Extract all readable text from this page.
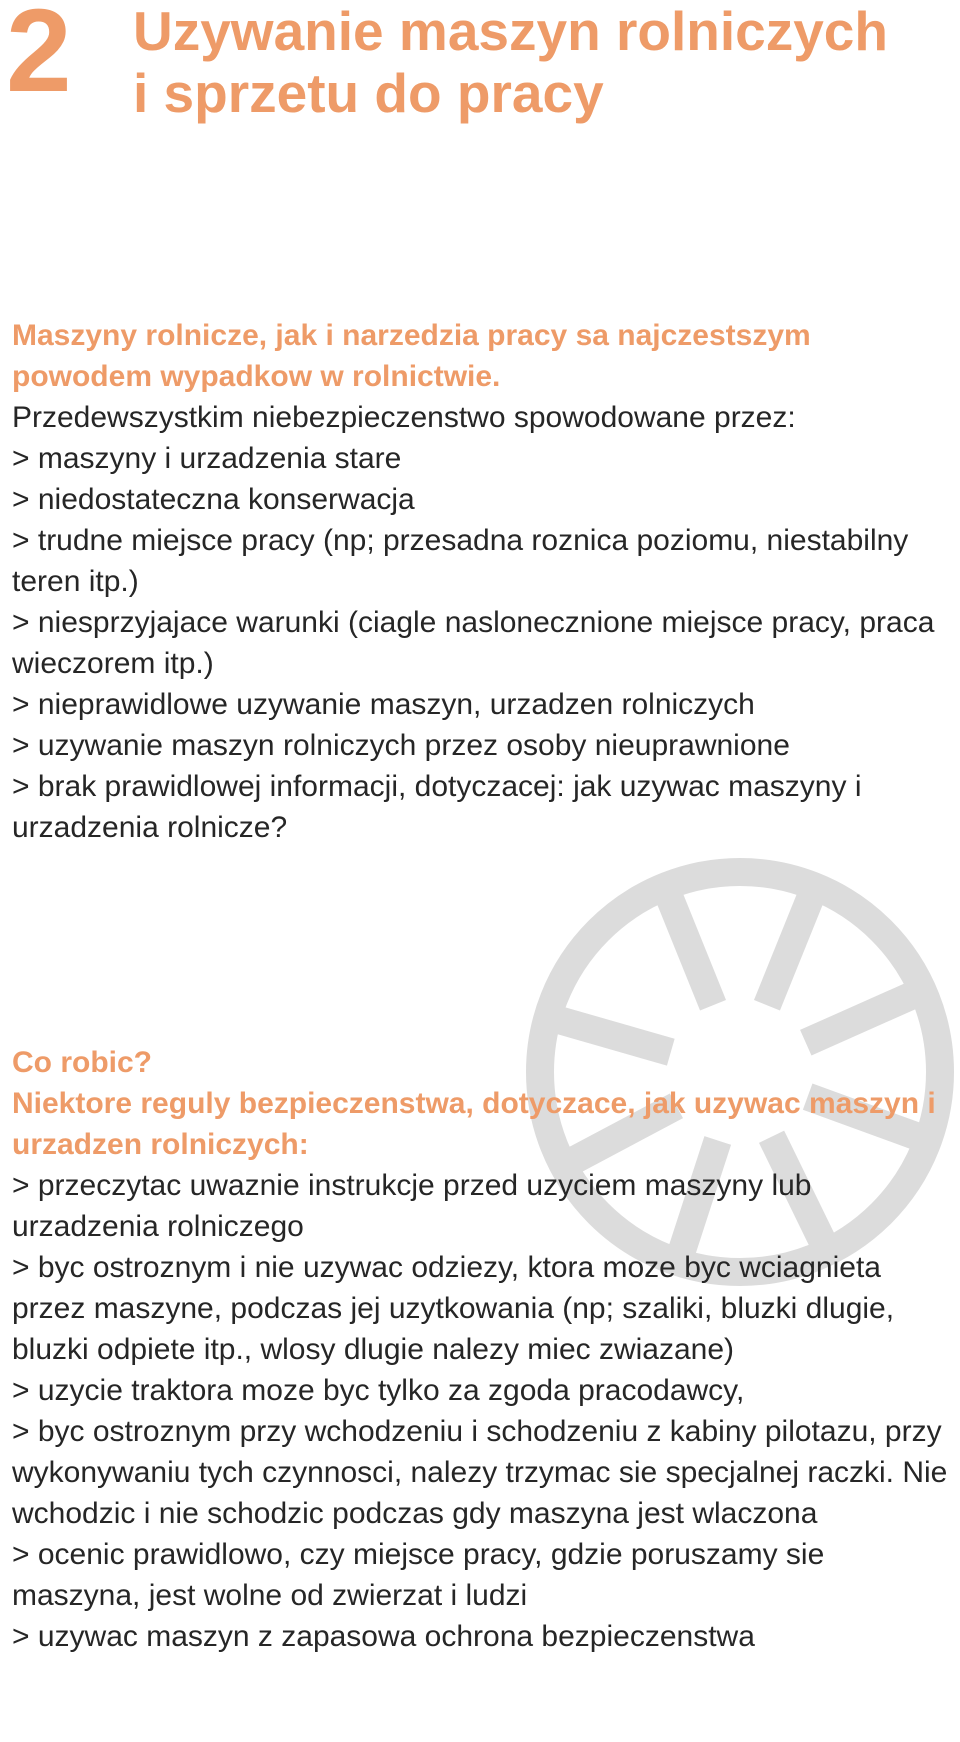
2 Uzywanie maszyn rolniczych i sprzetu do pracy
Maszyny rolnicze, jak i narzedzia pracy sa najczestszym powodem wypadkow w rolnictwie.
Przedewszystkim niebezpieczenstwo spowodowane przez:
> maszyny i urzadzenia stare
> niedostateczna konserwacja
> trudne miejsce pracy (np; przesadna roznica poziomu, niestabilny teren itp.)
> niesprzyjajace warunki (ciagle naslonecznione miejsce pracy, praca wieczorem itp.)
> nieprawidlowe uzywanie maszyn, urzadzen rolniczych
> uzywanie maszyn rolniczych przez osoby nieuprawnione
> brak prawidlowej informacji, dotyczacej: jak uzywac maszyny i urzadzenia rolnicze?
Co robic?
Niektore reguly bezpieczenstwa, dotyczace, jak uzywac maszyn i urzadzen rolniczych:
> przeczytac uwaznie instrukcje przed uzyciem maszyny lub urzadzenia rolniczego
> byc ostroznym i nie uzywac odziezy, ktora moze byc wciagnieta przez maszyne, podczas jej uzytkowania (np; szaliki, bluzki dlugie, bluzki odpiete itp., wlosy dlugie nalezy miec zwiazane)
> uzycie traktora moze byc tylko za zgoda pracodawcy,
> byc ostroznym przy wchodzeniu i schodzeniu z kabiny pilotazu, przy wykonywaniu tych czynnosci, nalezy trzymac sie specjalnej raczki. Nie wchodzic i nie schodzic podczas gdy maszyna jest wlaczona
> ocenic prawidlowo, czy miejsce pracy, gdzie poruszamy sie maszyna, jest wolne od zwierzat i ludzi
> uzywac maszyn z zapasowa ochrona bezpieczenstwa
